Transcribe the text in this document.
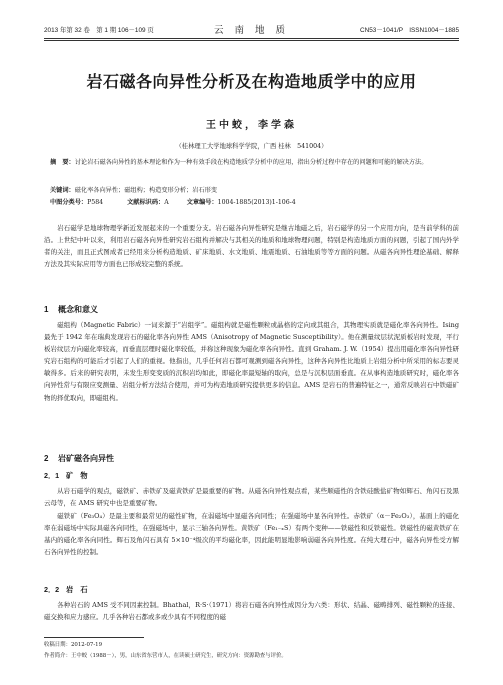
2013 年第 32 卷　第 1 期 106－109 页	云 南 地 质	CN53－1041/P　ISSN1004－1885
岩石磁各向异性分析及在构造地质学中的应用
王中蛟，李学森
（桂林理工大学地球科学学院，广西 桂林　541004）
摘　要：讨论岩石磁各向异性的基本理论和作为一种有效手段在构造地质学分析中的应用，指出分析过程中存在的问题和可能的解决方法。
关键词：磁化率各向异性；磁组构；构造变形分析；岩石形变
中图分类号：P584	文献标识码：A	文章编号：1004-1885(2013)1-106-4
岩石磁学是地球物理学新近发展起来的一个重要分支。岩石磁各向异性研究是继古地磁之后，岩石磁学的另一个应用方向，是当前学科的前沿。上世纪中叶以来，利用岩石磁各向异性研究岩石组构并解决与其相关的地质和地球物理问题，特别是构造地质方面的问题，引起了国内外学者的关注，而且正式图成者已经用来分析构造地质、矿床地质、水文地质、地震地质、石油地质等等方面的问题。从磁各向异性理论基础、解释方法及其实际应用等方面也已形成较完整的系统。
1 概念和意义
磁组构（Magnetic Fabric）一词来源于“岩组学”。磁组构就是磁性颗粒或晶格的定向或其组合，其物理实质就是磁化率各向异性。Ising 最先于 1942 年在瑞典发现岩石的磁化率各向异性 AMS（Anisotropy of Magnetic Susceptibility）。他在测量纹层状泥质板岩时发现，平行板岩纹层方向磁化率较高，而垂直层理时磁化率较低，并称这种现象为磁化率各向异性。直到 Graham. J. W.（1954）提出用磁化率各向异性研究岩石组构的可能后才引起了人们的重视。他指出，几乎任何岩石都可观测到磁各向异性，这种各向异性比地质上岩组分析中所采用的标志要灵敏得多。后来的研究表明，未发生形变变质的沉积岩均如此，即磁化率最短轴的取向，总是与沉积层面垂直。在从事构造地质研究时，磁化率各向异性常与有限应变测量、岩组分析方法结合使用，并可为构造地质研究提供更多的信息。AMS 是岩石的普遍特征之一，通常反映岩石中铁磁矿物的择优取向，即磁组构。
2 岩矿磁各向异性
2．1 矿　物
从岩石磁学的观点，磁铁矿、赤铁矿及磁黄铁矿是最重要的矿物。从磁各向异性观点看，某些顺磁性的含铁硅酸盐矿物如辉石、角闪石及黑云母等，在 AMS 研究中也是重要矿物。
磁铁矿（Fe₃O₄）是最主要和最常见的磁性矿物，在弱磁场中显磁各向同性；在强磁场中显各向异性。赤铁矿（α－Fe₂O₃），基面上的磁化率在弱磁场中实际具磁各向同性，在强磁场中，显示三轴各向异性。黄铁矿（Fe₁₋ₓS）有两个变种——铁磁性和反铁磁性。铁磁性的磁黄铁矿在基内的磁化率各向同性。辉石及角闪石具有 5×10⁻⁴级次的平均磁化率，因此能明显地影响弱磁各向异性度。在纯大理石中，磁各向异性受方解石各向异性的控制。
2．2 岩　石
各种岩石的 AMS 受不同因素控制。Bhathal，R·S·（1971）将岩石磁各向异性成因分为六类：形状、结晶、磁畴排列、磁性颗粒的连接、磁交换和应力感应。几乎各种岩石都或多或少具有不同程度的磁
收稿日期：2012-07-19
作者简介：王中蛟（1988－），男，山东省东营市人，在读硕士研究生，研究方向：资源勘查与评价。
